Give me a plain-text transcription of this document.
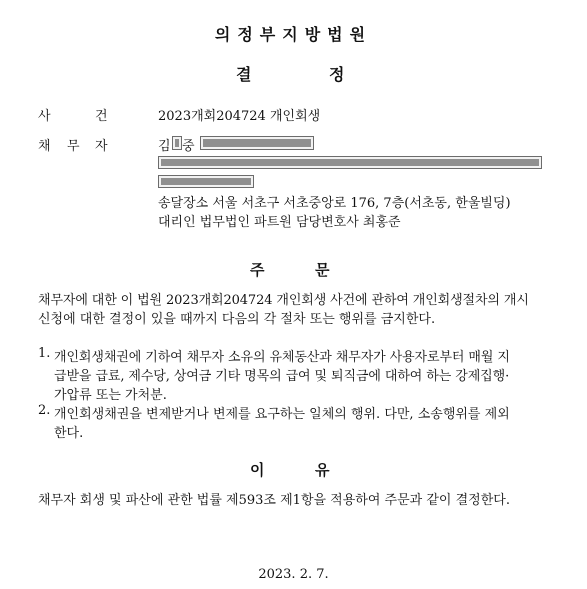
의정부지방법원
결	정
사	건	2023개회204724 개인회생
채 무 자	김 중
송달장소 서울 서초구 서초중앙로 176, 7층(서초동, 한울빌딩)
대리인 법무법인 파트원 담당변호사 최홍준
주	문
채무자에 대한 이 법원 2023개회204724 개인회생 사건에 관하여 개인회생절차의 개시
신청에 대한 결정이 있을 때까지 다음의 각 절차 또는 행위를 금지한다.
1. 개인회생채권에 기하여 채무자 소유의 유체동산과 채무자가 사용자로부터 매월 지
급받을 급료, 제수당, 상여금 기타 명목의 급여 및 퇴직금에 대하여 하는 강제집행·
가압류 또는 가처분.
2. 개인회생채권을 변제받거나 변제를 요구하는 일체의 행위. 다만, 소송행위를 제외
한다.
이	유
채무자 회생 및 파산에 관한 법률 제593조 제1항을 적용하여 주문과 같이 결정한다.
2023. 2. 7.
